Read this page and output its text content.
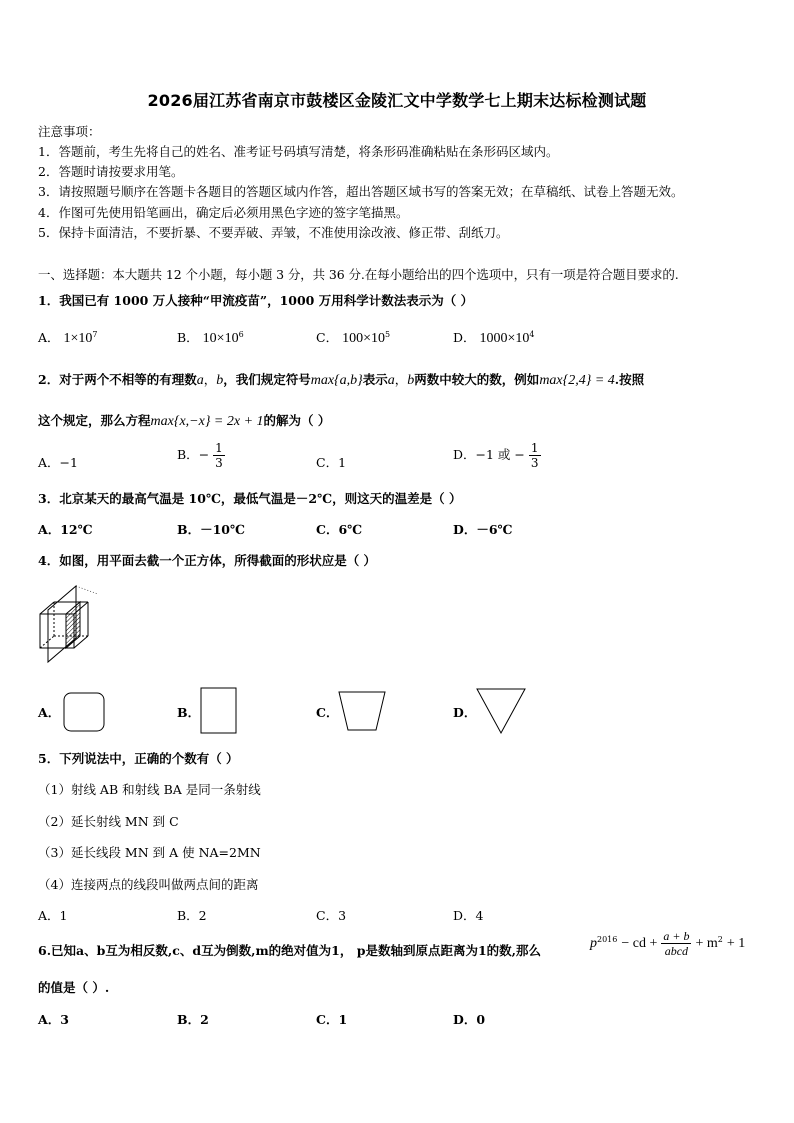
2026届江苏省南京市鼓楼区金陵汇文中学数学七上期末达标检测试题
注意事项：
1．答题前，考生先将自己的姓名、准考证号码填写清楚，将条形码准确粘贴在条形码区域内。
2．答题时请按要求用笔。
3．请按照题号顺序在答题卡各题目的答题区域内作答，超出答题区域书写的答案无效；在草稿纸、试卷上答题无效。
4．作图可先使用铅笔画出，确定后必须用黑色字迹的签字笔描黑。
5．保持卡面清洁，不要折暴、不要弄破、弄皱，不准使用涂改液、修正带、刮纸刀。
一、选择题：本大题共 12 个小题，每小题 3 分，共 36 分.在每小题给出的四个选项中，只有一项是符合题目要求的.
1．我国已有 1000 万人接种“甲流疫苗”，1000 万用科学计数法表示为（ ）
A． $1\times 10^7$	B． $10\times 10^6$	C． $100\times 10^5$	D． $1000\times 10^4$
2．对于两个不相等的有理数a，b，我们规定符号max{a,b}表示a，b两数中较大的数，例如max{2,4} = 4.按照
这个规定，那么方程max{x,−x} = 2x + 1的解为（ ）
A．−1
B．− $\frac{1}{3}$	C．1
D．−1 或 − $\frac{1}{3}$
3．北京某天的最高气温是 10℃，最低气温是－2℃，则这天的温差是（ ）
A．12℃	B．－10℃	C．6℃	D．－6℃
4．如图，用平面去截一个正方体，所得截面的形状应是（ ）
A．	B．	C．	D．
5．下列说法中，正确的个数有（ ）
（1）射线 AB 和射线 BA 是同一条射线
（2）延长射线 MN 到 C
（3）延长线段 MN 到 A 使 NA=2MN
（4）连接两点的线段叫做两点间的距离
A．1	B．2	C．3	D．4
6.已知a、b互为相反数,c、d互为倒数,m的绝对值为1， p是数轴到原点距离为1的数,那么	$p^{2016}$ − cd + $\frac{a + b}{\text{abcd}} + m^2 + 1$
的值是（ ）.
A．3	B．2	C．1	D．0
